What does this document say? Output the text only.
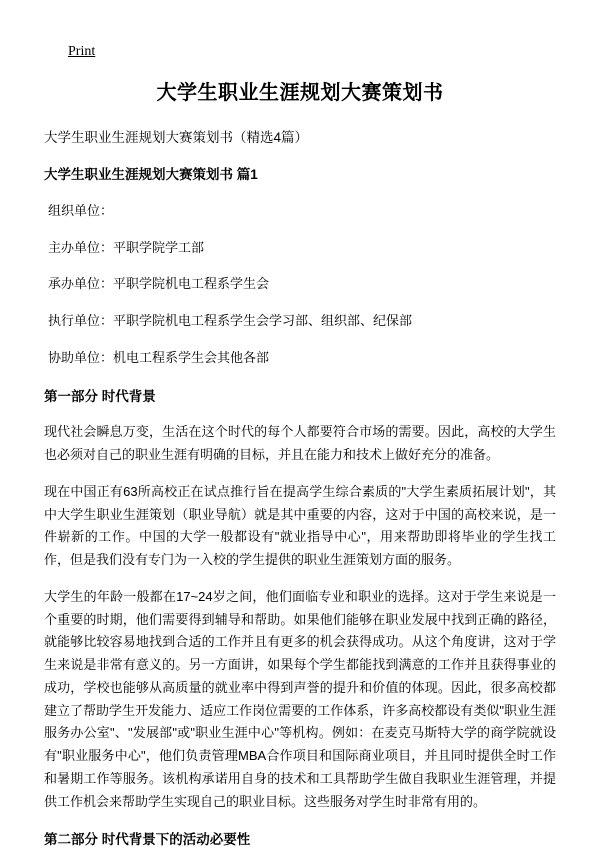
Print
大学生职业生涯规划大赛策划书

大学生职业生涯规划大赛策划书（精选4篇）

大学生职业生涯规划大赛策划书 篇1

组织单位：

主办单位：平职学院学工部

承办单位：平职学院机电工程系学生会

执行单位：平职学院机电工程系学生会学习部、组织部、纪保部

协助单位：机电工程系学生会其他各部

第一部分 时代背景

现代社会瞬息万变，生活在这个时代的每个人都要符合市场的需要。因此，高校的大学生也必须对自己的职业生涯有明确的目标，并且在能力和技术上做好充分的准备。

现在中国正有63所高校正在试点推行旨在提高学生综合素质的"大学生素质拓展计划"，其中大学生职业生涯策划（职业导航）就是其中重要的内容，这对于中国的高校来说，是一件崭新的工作。中国的大学一般都设有"就业指导中心"，用来帮助即将毕业的学生找工作，但是我们没有专门为一入校的学生提供的职业生涯策划方面的服务。

大学生的年龄一般都在17~24岁之间，他们面临专业和职业的选择。这对于学生来说是一个重要的时期，他们需要得到辅导和帮助。如果他们能够在职业发展中找到正确的路径，就能够比较容易地找到合适的工作并且有更多的机会获得成功。从这个角度讲，这对于学生来说是非常有意义的。另一方面讲，如果每个学生都能找到满意的工作并且获得事业的成功，学校也能够从高质量的就业率中得到声誉的提升和价值的体现。因此，很多高校都建立了帮助学生开发能力、适应工作岗位需要的工作体系，许多高校都设有类似"职业生涯服务办公室"、"发展部"或"职业生涯中心"等机构。例如：在麦克马斯特大学的商学院就设有"职业服务中心"，他们负责管理MBA合作项目和国际商业项目，并且同时提供全时工作和暑期工作等服务。该机构承诺用自身的技术和工具帮助学生做自我职业生涯管理，并提供工作机会来帮助学生实现自己的职业目标。这些服务对学生时非常有用的。

第二部分 时代背景下的活动必要性
